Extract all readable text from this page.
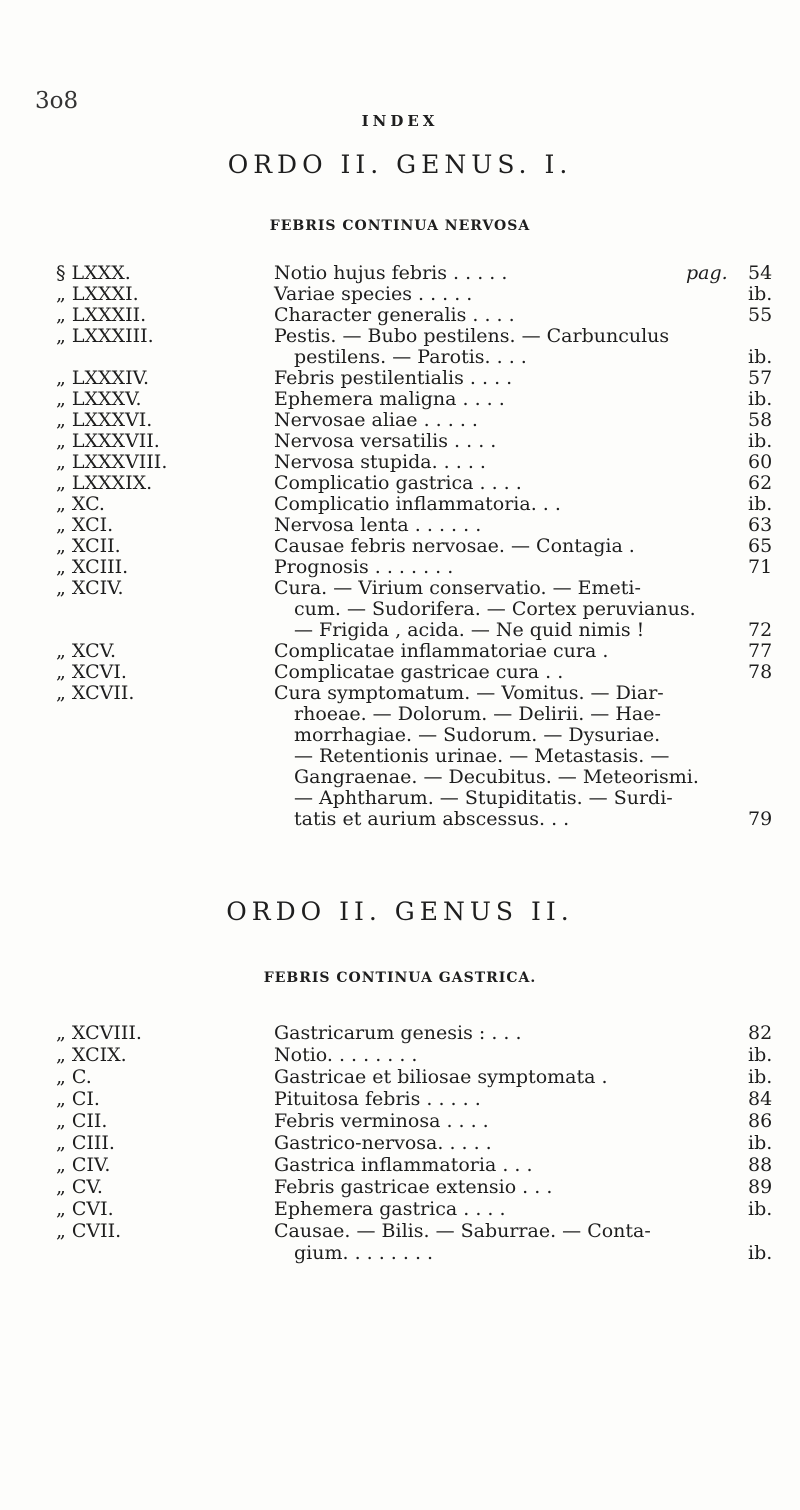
3o8
INDEX
ORDO II. GENUS. I.
FEBRIS CONTINUA NERVOSA
§ LXXX.	Notio hujus febris . . . . .	54
pag.
„ LXXXI.	Variae species . . . . .	ib.
„ LXXXII.	Character generalis . . . .	55
„ LXXXIII.	Pestis. — Bubo pestilens. — Carbunculus
pestilens. — Parotis. . . .	ib.
„ LXXXIV.	Febris pestilentialis . . . .	57
„ LXXXV.	Ephemera maligna . . . .	ib.
„ LXXXVI.	Nervosae aliae . . . . .	58
„ LXXXVII.	Nervosa versatilis . . . .	ib.
„ LXXXVIII.	Nervosa stupida. . . . .	60
„ LXXXIX.	Complicatio gastrica . . . .	62
„ XC.	Complicatio inflammatoria. . .	ib.
„ XCI.	Nervosa lenta . . . . . .	63
„ XCII.	Causae febris nervosae. — Contagia .	65
„ XCIII.	Prognosis . . . . . . .	71
„ XCIV.	Cura. — Virium conservatio. — Emeti-
cum. — Sudorifera. — Cortex peruvianus.
— Frigida , acida. — Ne quid nimis !	72
„ XCV.	Complicatae inflammatoriae cura .	77
„ XCVI.	Complicatae gastricae cura . .	78
„ XCVII.	Cura symptomatum. — Vomitus. — Diar-
rhoeae. — Dolorum. — Delirii. — Hae-
morrhagiae. — Sudorum. — Dysuriae.
— Retentionis urinae. — Metastasis. —
Gangraenae. — Decubitus. — Meteorismi.
— Aphtharum. — Stupiditatis. — Surdi-
tatis et aurium abscessus. . .	79
ORDO II. GENUS II.
FEBRIS CONTINUA GASTRICA.
„ XCVIII.	Gastricarum genesis : . . .	82
„ XCIX.	Notio. . . . . . . .	ib.
„ C.	Gastricae et biliosae symptomata .	ib.
„ CI.	Pituitosa febris . . . . .	84
„ CII.	Febris verminosa . . . .	86
„ CIII.	Gastrico-nervosa. . . . .	ib.
„ CIV.	Gastrica inflammatoria . . .	88
„ CV.	Febris gastricae extensio . . .	89
„ CVI.	Ephemera gastrica . . . .	ib.
„ CVII.	Causae. — Bilis. — Saburrae. — Conta-
gium. . . . . . . .	ib.
